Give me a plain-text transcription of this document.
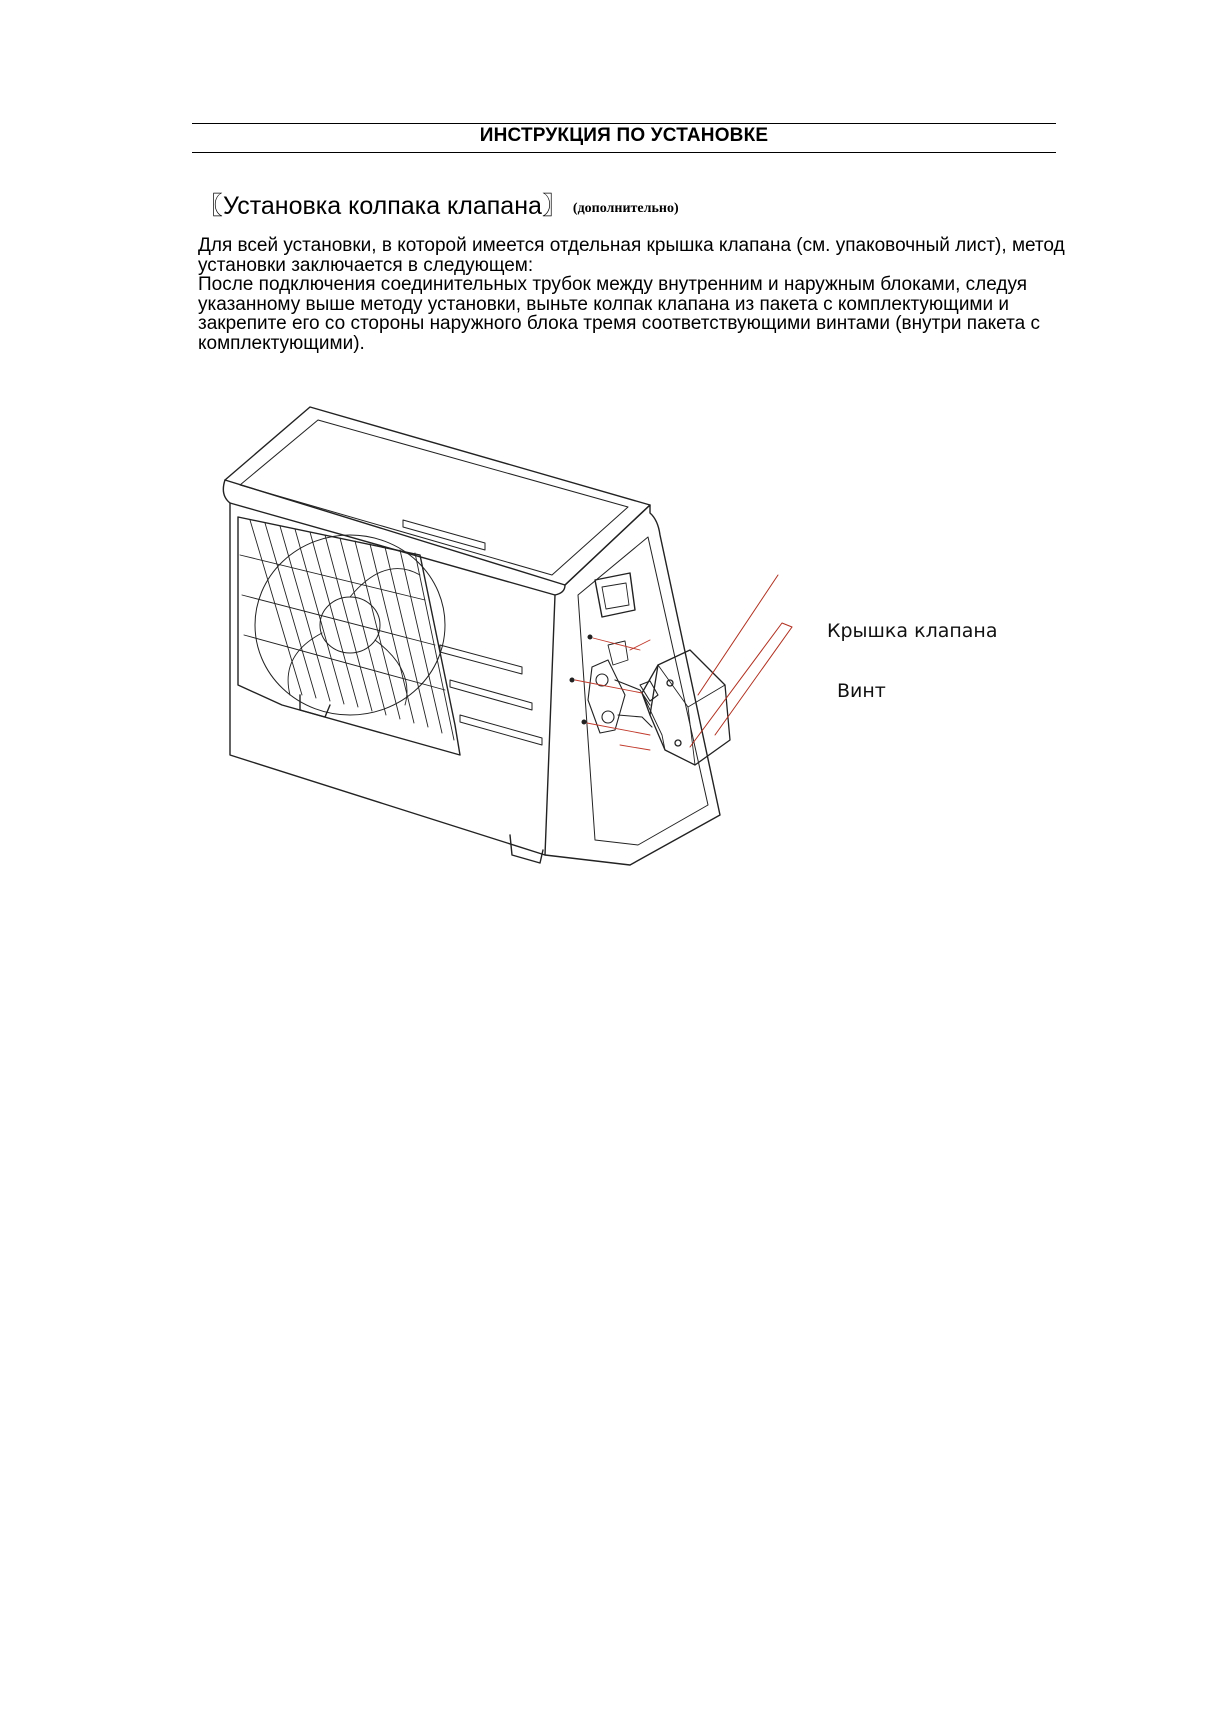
ИНСТРУКЦИЯ ПО УСТАНОВКЕ
〖Установка колпака клапана〗 (дополнительно)

Для всей установки, в которой имеется отдельная крышка клапана (см. упаковочный лист), метод установки заключается в следующем:

После подключения соединительных трубок между внутренним и наружным блоками, следуя указанному выше методу установки, выньте колпак клапана из пакета с комплектующими и закрепите его со стороны наружного блока тремя соответствующими винтами (внутри пакета с комплектующими).

Крышка клапана
Винт
